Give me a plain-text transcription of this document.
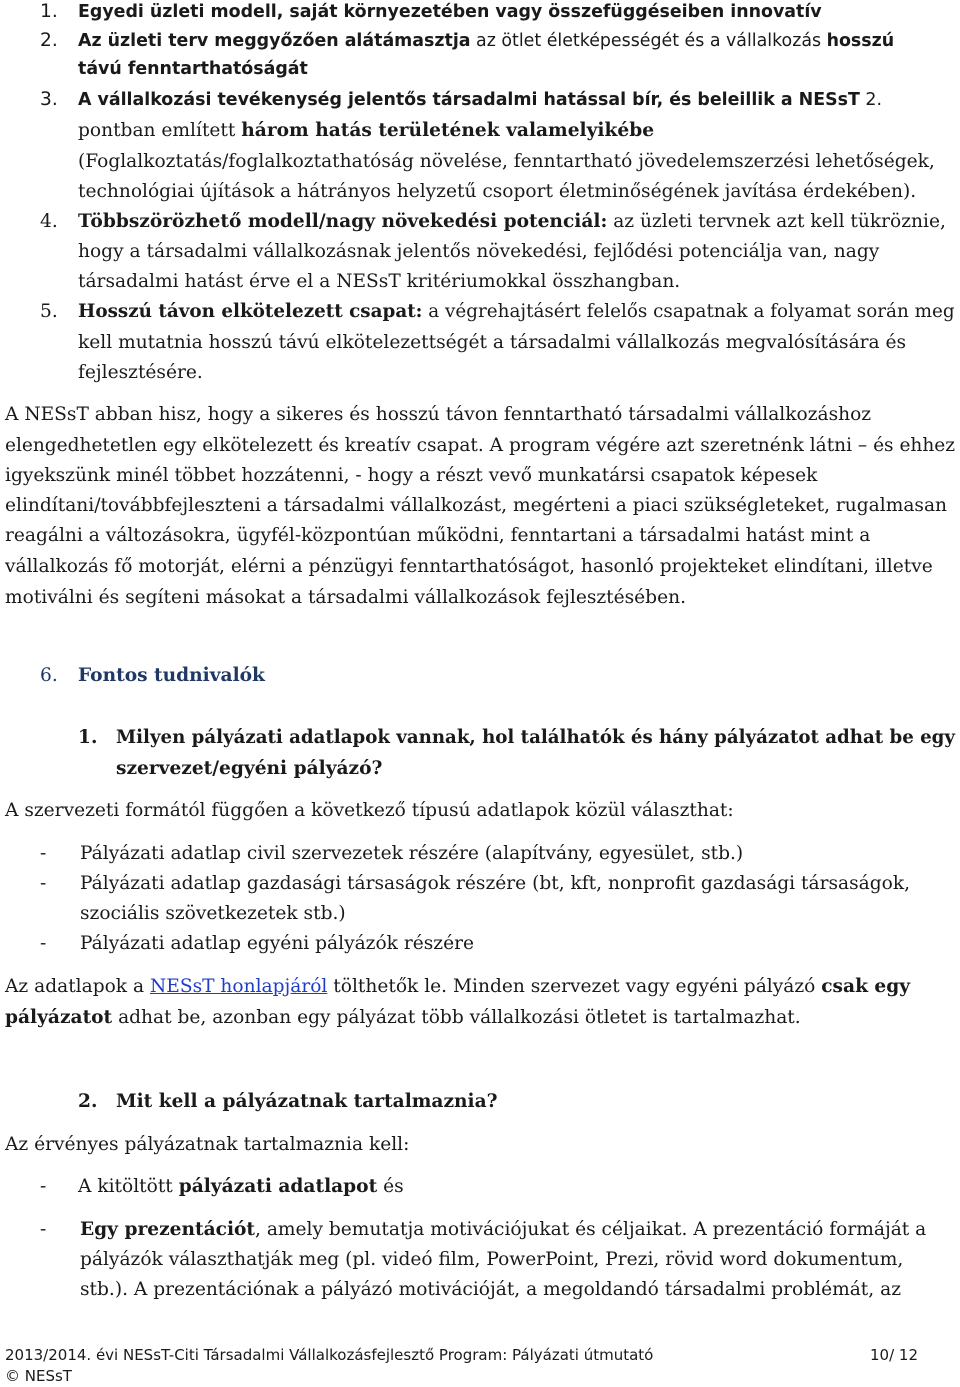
1. Egyedi üzleti modell, saját környezetében vagy összefüggéseiben innovatív
2. Az üzleti terv meggyőzően alátámasztja az ötlet életképességét és a vállalkozás hosszú
távú fenntarthatóságát
3. A vállalkozási tevékenység jelentős társadalmi hatással bír, és beleillik a NESsT 2.
pontban említett három hatás területének valamelyikébe
(Foglalkoztatás/foglalkoztathatóság növelése, fenntartható jövedelemszerzési lehetőségek,
technológiai újítások a hátrányos helyzetű csoport életminőségének javítása érdekében).
4. Többszörözhető modell/nagy növekedési potenciál: az üzleti tervnek azt kell tükröznie,
hogy a társadalmi vállalkozásnak jelentős növekedési, fejlődési potenciálja van, nagy
társadalmi hatást érve el a NESsT kritériumokkal összhangban.
5. Hosszú távon elkötelezett csapat: a végrehajtásért felelős csapatnak a folyamat során meg
kell mutatnia hosszú távú elkötelezettségét a társadalmi vállalkozás megvalósítására és
fejlesztésére.
A NESsT abban hisz, hogy a sikeres és hosszú távon fenntartható társadalmi vállalkozáshoz
elengedhetetlen egy elkötelezett és kreatív csapat. A program végére azt szeretnénk látni – és ehhez
igyekszünk minél többet hozzátenni, - hogy a részt vevő munkatársi csapatok képesek
elindítani/továbbfejleszteni a társadalmi vállalkozást, megérteni a piaci szükségleteket, rugalmasan
reagálni a változásokra, ügyfél-központúan működni, fenntartani a társadalmi hatást mint a
vállalkozás fő motorját, elérni a pénzügyi fenntarthatóságot, hasonló projekteket elindítani, illetve
motiválni és segíteni másokat a társadalmi vállalkozások fejlesztésében.
6. Fontos tudnivalók
1. Milyen pályázati adatlapok vannak, hol találhatók és hány pályázatot adhat be egy
szervezet/egyéni pályázó?
A szervezeti formától függően a következő típusú adatlapok közül választhat:
- Pályázati adatlap civil szervezetek részére (alapítvány, egyesület, stb.)
- Pályázati adatlap gazdasági társaságok részére (bt, kft, nonprofit gazdasági társaságok,
szociális szövetkezetek stb.)
- Pályázati adatlap egyéni pályázók részére
Az adatlapok a NESsT honlapjáról tölthetők le. Minden szervezet vagy egyéni pályázó csak egy
pályázatot adhat be, azonban egy pályázat több vállalkozási ötletet is tartalmazhat.
2. Mit kell a pályázatnak tartalmaznia?
Az érvényes pályázatnak tartalmaznia kell:
- A kitöltött pályázati adatlapot és
- Egy prezentációt, amely bemutatja motivációjukat és céljaikat. A prezentáció formáját a
pályázók választhatják meg (pl. videó film, PowerPoint, Prezi, rövid word dokumentum,
stb.). A prezentációnak a pályázó motivációját, a megoldandó társadalmi problémát, az
2013/2014. évi NESsT-Citi Társadalmi Vállalkozásfejlesztő Program: Pályázati útmutató	10/ 12
© NESsT
